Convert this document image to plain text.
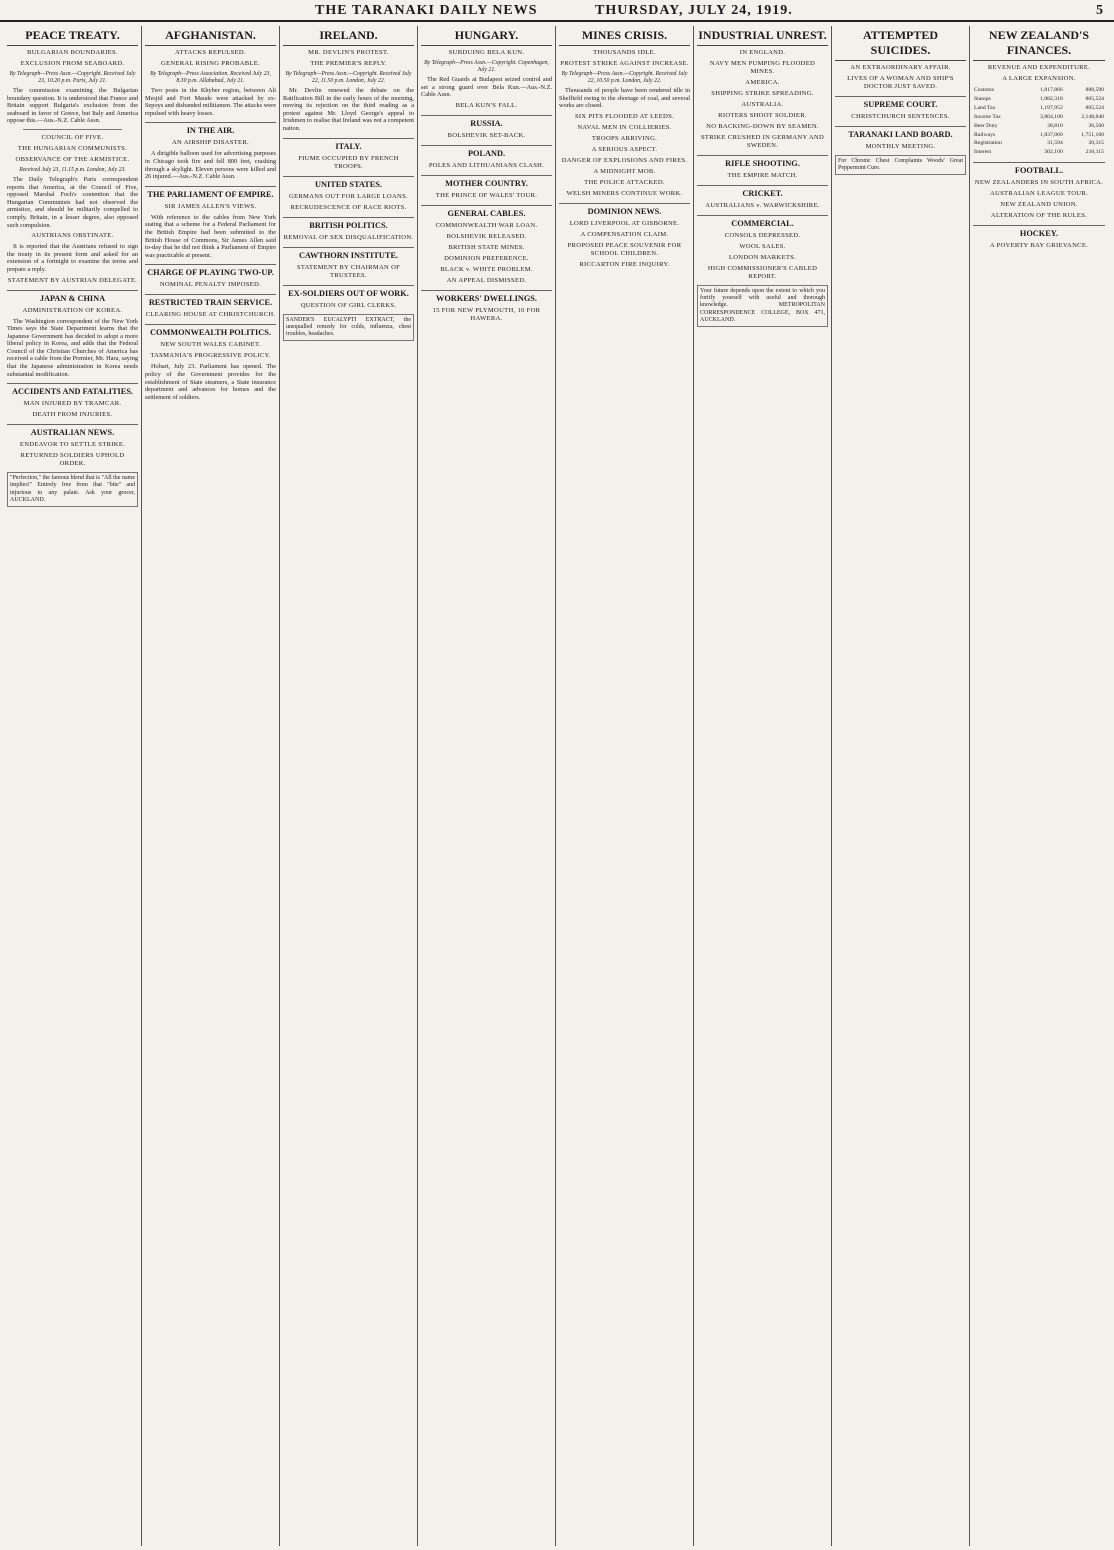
THE TARANAKI DAILY NEWS	THURSDAY, JULY 24, 1919.	5
PEACE TREATY.
BULGARIAN BOUNDARIES.
EXCLUSION FROM SEABOARD.
By Telegraph—Press Assn.—Copyright. Received July 23, 10.20 p.m. Paris, July 21.

The commission examining the Bulgarian boundary question. It is understood that France and Britain support Bulgaria's exclusion from the seaboard in favor of Greece, but Italy and America oppose this.—Aus.-N.Z. Cable Assn.

COUNCIL OF FIVE.
THE HUNGARIAN COMMUNISTS.
OBSERVANCE OF THE ARMISTICE.
Received July 23, 11.15 p.m. London, July 23.

The Daily Telegraph's Paris correspondent reports that America, at the Council of Five, opposed Marshal Foch's contention that the Hungarian Communists had not observed the armistice, and should be militarily compelled to comply. Britain, in a lesser degree, also opposed such compulsion.

AUSTRIANS OBSTINATE.

It is reported that the Austrians refused to sign the treaty in its present form and asked for an extension of a fortnight to examine the terms and prepare a reply.

STATEMENT BY AUSTRIAN DELEGATE.
JAPAN & CHINA
ADMINISTRATION OF KOREA.

The Washington correspondent of the New York Times says the State Department learns that the Japanese Government has decided to adopt a more liberal policy in Korea, and adds that the Federal Council of the Christian Churches of America has received a cable from the Premier, Mr. Hara, saying that the Japanese administration in Korea needs substantial modification.

ACCIDENTS AND FATALITIES.
MAN INJURED BY TRAMCAR.
DEATH FROM INJURIES.
AUSTRALIAN NEWS.
ENDEAVOR TO SETTLE STRIKE.
RETURNED SOLDIERS UPHOLD ORDER.
"Perfection," the famous blend that is "All the name implies!" Entirely free from that "bite" and injurious to any palate. Ask your grocer, AUCKLAND.
AFGHANISTAN.
ATTACKS REPULSED.
GENERAL RISING PROBABLE.
By Telegraph—Press Association. Received July 23, 8.30 p.m. Allahabad, July 21.

Two posts in the Khyber region, between Ali Mesjid and Fort Maude were attacked by ex-Sepoys and disbanded militiamen. The attacks were repulsed with heavy losses.

IN THE AIR.
AN AIRSHIP DISASTER.

A dirigible balloon used for advertising purposes in Chicago took fire and fell 800 feet, crashing through a skylight. Eleven persons were killed and 26 injured.—Aus.-N.Z. Cable Assn.

THE PARLIAMENT OF EMPIRE.
SIR JAMES ALLEN'S VIEWS.

With reference to the cables from New York stating that a scheme for a Federal Parliament for the British Empire had been submitted to the British House of Commons, Sir James Allen said to-day that he did not think a Parliament of Empire was practicable at present.

CHARGE OF PLAYING TWO-UP.
NOMINAL PENALTY IMPOSED.
RESTRICTED TRAIN SERVICE.
CLEARING HOUSE AT CHRISTCHURCH.
COMMONWEALTH POLITICS.
NEW SOUTH WALES CABINET.
TASMANIA'S PROGRESSIVE POLICY.

Hobart, July 23. Parliament has opened. The policy of the Government provides for the establishment of State steamers, a State insurance department and advances for homes and the settlement of soldiers.

IRELAND.
MR. DEVLIN'S PROTEST.
THE PREMIER'S REPLY.
By Telegraph—Press Assn.—Copyright. Received July 22, 11.50 p.m. London, July 22.

Mr. Devlin renewed the debate on the Ratification Bill in the early hours of the morning, moving its rejection on the third reading as a protest against Mr. Lloyd George's appeal to Irishmen to realise that Ireland was not a competent nation.

ITALY.
FIUME OCCUPIED BY FRENCH TROOPS.
UNITED STATES.
GERMANS OUT FOR LARGE LOANS.
RECRUDESCENCE OF RACE RIOTS.
BRITISH POLITICS.
REMOVAL OF SEX DISQUALIFICATION.
CAWTHORN INSTITUTE.
STATEMENT BY CHAIRMAN OF TRUSTEES.
EX-SOLDIERS OUT OF WORK.
QUESTION OF GIRL CLERKS.
SANDER'S EUCALYPTI EXTRACT, the unequalled remedy for colds, influenza, chest troubles, headaches.
HUNGARY.
SUBDUING BELA KUN.
By Telegraph—Press Assn.—Copyright. Copenhagen, July 21.

The Red Guards at Budapest seized control and set a strong guard over Bela Kun.—Aus.-N.Z. Cable Assn.

BELA KUN'S FALL.
RUSSIA.
BOLSHEVIK SET-BACK.
POLAND.
POLES AND LITHUANIANS CLASH.
MOTHER COUNTRY.
THE PRINCE OF WALES' TOUR.
GENERAL CABLES.
COMMONWEALTH WAR LOAN.
BOLSHEVIK RELEASED.
BRITISH STATE MINES.
DOMINION PREFERENCE.
BLACK v. WHITE PROBLEM.
AN APPEAL DISMISSED.
WORKERS' DWELLINGS.
15 FOR NEW PLYMOUTH, 10 FOR HAWERA.
MINES CRISIS.
THOUSANDS IDLE.
PROTEST STRIKE AGAINST INCREASE.
By Telegraph—Press Assn.—Copyright. Received July 22, 10.50 p.m. London, July 22.

Thousands of people have been rendered idle in Sheffield owing to the shortage of coal, and several works are closed.

SIX PITS FLOODED AT LEEDS.
NAVAL MEN IN COLLIERIES.
TROOPS ARRIVING.
A SERIOUS ASPECT.
DANGER OF EXPLOSIONS AND FIRES.
A MIDNIGHT MOB.
THE POLICE ATTACKED.
WELSH MINERS CONTINUE WORK.
DOMINION NEWS.
LORD LIVERPOOL AT GISBORNE.
A COMPENSATION CLAIM.
PROPOSED PEACE SOUVENIR FOR SCHOOL CHILDREN.
RICCARTON FIRE INQUIRY.
INDUSTRIAL UNREST.
IN ENGLAND.
NAVY MEN PUMPING FLOODED MINES.
AMERICA.
SHIPPING STRIKE SPREADING.
AUSTRALIA.
RIOTERS SHOOT SOLDIER.
NO BACKING-DOWN BY SEAMEN.
STRIKE CRUSHED IN GERMANY AND SWEDEN.
RIFLE SHOOTING.
THE EMPIRE MATCH.
CRICKET.
AUSTRALIANS v. WARWICKSHIRE.
COMMERCIAL.
CONSOLS DEPRESSED.
WOOL SALES.
LONDON MARKETS.
HIGH COMMISSIONER'S CABLED REPORT.
Your future depends upon the extent to which you fortify yourself with useful and thorough knowledge. METROPOLITAN CORRESPONDENCE COLLEGE, BOX 471, AUCKLAND.
ATTEMPTED SUICIDES.
AN EXTRAORDINARY AFFAIR.
LIVES OF A WOMAN AND SHIP'S DOCTOR JUST SAVED.
SUPREME COURT.
CHRISTCHURCH SENTENCES.
TARANAKI LAND BOARD.
MONTHLY MEETING.
For Chronic Chest Complaints Woods' Great Peppermint Cure.
NEW ZEALAND'S FINANCES.
REVENUE AND EXPENDITURE.
A LARGE EXPANSION.
Customs	1,817,866	888,590
Stamps	1,082,318	805,524
Land Tax	1,197,952	805,524
Income Tax	3,864,100	2,148,840
Beer Duty	38,810	36,560
Railways	1,837,060	1,751,100
Registration	31,594	30,315
Interest	302,100	210,115
FOOTBALL.
NEW ZEALANDERS IN SOUTH AFRICA.
AUSTRALIAN LEAGUE TOUR.
NEW ZEALAND UNION.
ALTERATION OF THE RULES.
HOCKEY.
A POVERTY BAY GRIEVANCE.
